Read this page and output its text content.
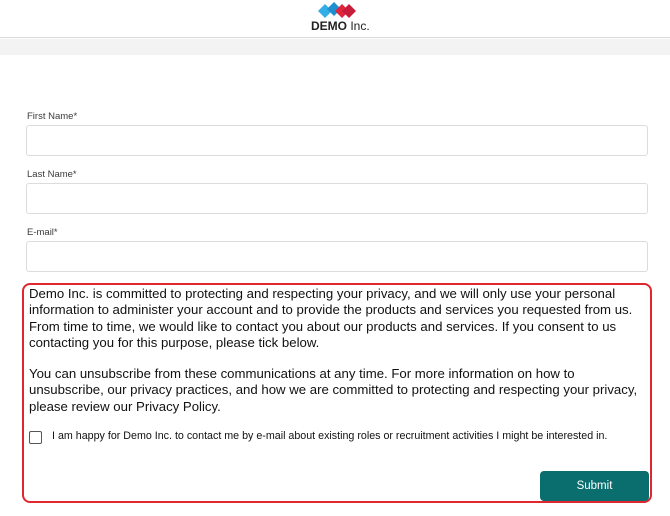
DEMO Inc.
First Name*
Last Name*
E-mail*
Demo Inc. is committed to protecting and respecting your privacy, and we will only use your personal information to administer your account and to provide the products and services you requested from us. From time to time, we would like to contact you about our products and services. If you consent to us contacting you for this purpose, please tick below.
You can unsubscribe from these communications at any time. For more information on how to unsubscribe, our privacy practices, and how we are committed to protecting and respecting your privacy, please review our Privacy Policy.
I am happy for Demo Inc. to contact me by e-mail about existing roles or recruitment activities I might be interested in.
Submit
